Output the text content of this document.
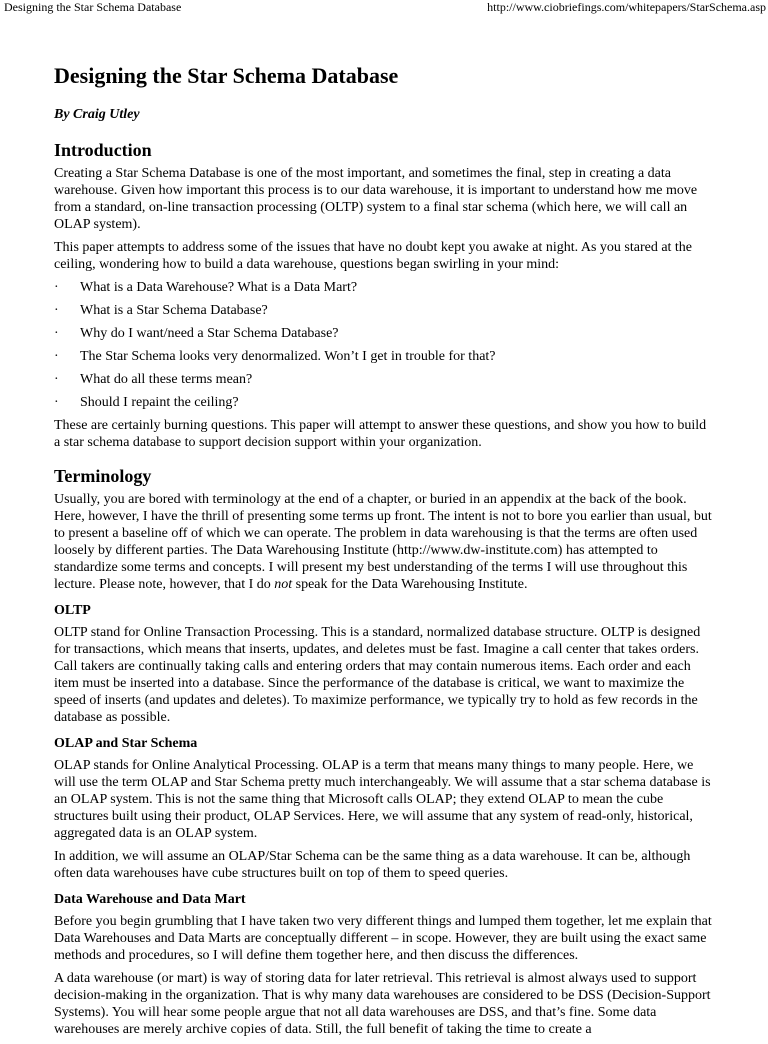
Designing the Star Schema Database	http://www.ciobriefings.com/whitepapers/StarSchema.asp
Designing the Star Schema Database
By Craig Utley
Introduction

Creating a Star Schema Database is one of the most important, and sometimes the final, step in creating a data warehouse. Given how important this process is to our data warehouse, it is important to understand how me move from a standard, on-line transaction processing (OLTP) system to a final star schema (which here, we will call an OLAP system).

This paper attempts to address some of the issues that have no doubt kept you awake at night. As you stared at the ceiling, wondering how to build a data warehouse, questions began swirling in your mind:

· What is a Data Warehouse? What is a Data Mart?
· What is a Star Schema Database?
· Why do I want/need a Star Schema Database?
· The Star Schema looks very denormalized. Won’t I get in trouble for that?
· What do all these terms mean?
· Should I repaint the ceiling?

These are certainly burning questions. This paper will attempt to answer these questions, and show you how to build a star schema database to support decision support within your organization.

Terminology

Usually, you are bored with terminology at the end of a chapter, or buried in an appendix at the back of the book. Here, however, I have the thrill of presenting some terms up front. The intent is not to bore you earlier than usual, but to present a baseline off of which we can operate. The problem in data warehousing is that the terms are often used loosely by different parties. The Data Warehousing Institute (http://www.dw-institute.com) has attempted to standardize some terms and concepts. I will present my best understanding of the terms I will use throughout this lecture. Please note, however, that I do not speak for the Data Warehousing Institute.

OLTP

OLTP stand for Online Transaction Processing. This is a standard, normalized database structure. OLTP is designed for transactions, which means that inserts, updates, and deletes must be fast. Imagine a call center that takes orders. Call takers are continually taking calls and entering orders that may contain numerous items. Each order and each item must be inserted into a database. Since the performance of the database is critical, we want to maximize the speed of inserts (and updates and deletes). To maximize performance, we typically try to hold as few records in the database as possible.

OLAP and Star Schema

OLAP stands for Online Analytical Processing. OLAP is a term that means many things to many people. Here, we will use the term OLAP and Star Schema pretty much interchangeably. We will assume that a star schema database is an OLAP system. This is not the same thing that Microsoft calls OLAP; they extend OLAP to mean the cube structures built using their product, OLAP Services. Here, we will assume that any system of read-only, historical, aggregated data is an OLAP system.

In addition, we will assume an OLAP/Star Schema can be the same thing as a data warehouse. It can be, although often data warehouses have cube structures built on top of them to speed queries.

Data Warehouse and Data Mart

Before you begin grumbling that I have taken two very different things and lumped them together, let me explain that Data Warehouses and Data Marts are conceptually different – in scope. However, they are built using the exact same methods and procedures, so I will define them together here, and then discuss the differences.

A data warehouse (or mart) is way of storing data for later retrieval. This retrieval is almost always used to support decision-making in the organization. That is why many data warehouses are considered to be DSS (Decision-Support Systems). You will hear some people argue that not all data warehouses are DSS, and that’s fine. Some data warehouses are merely archive copies of data. Still, the full benefit of taking the time to create a
